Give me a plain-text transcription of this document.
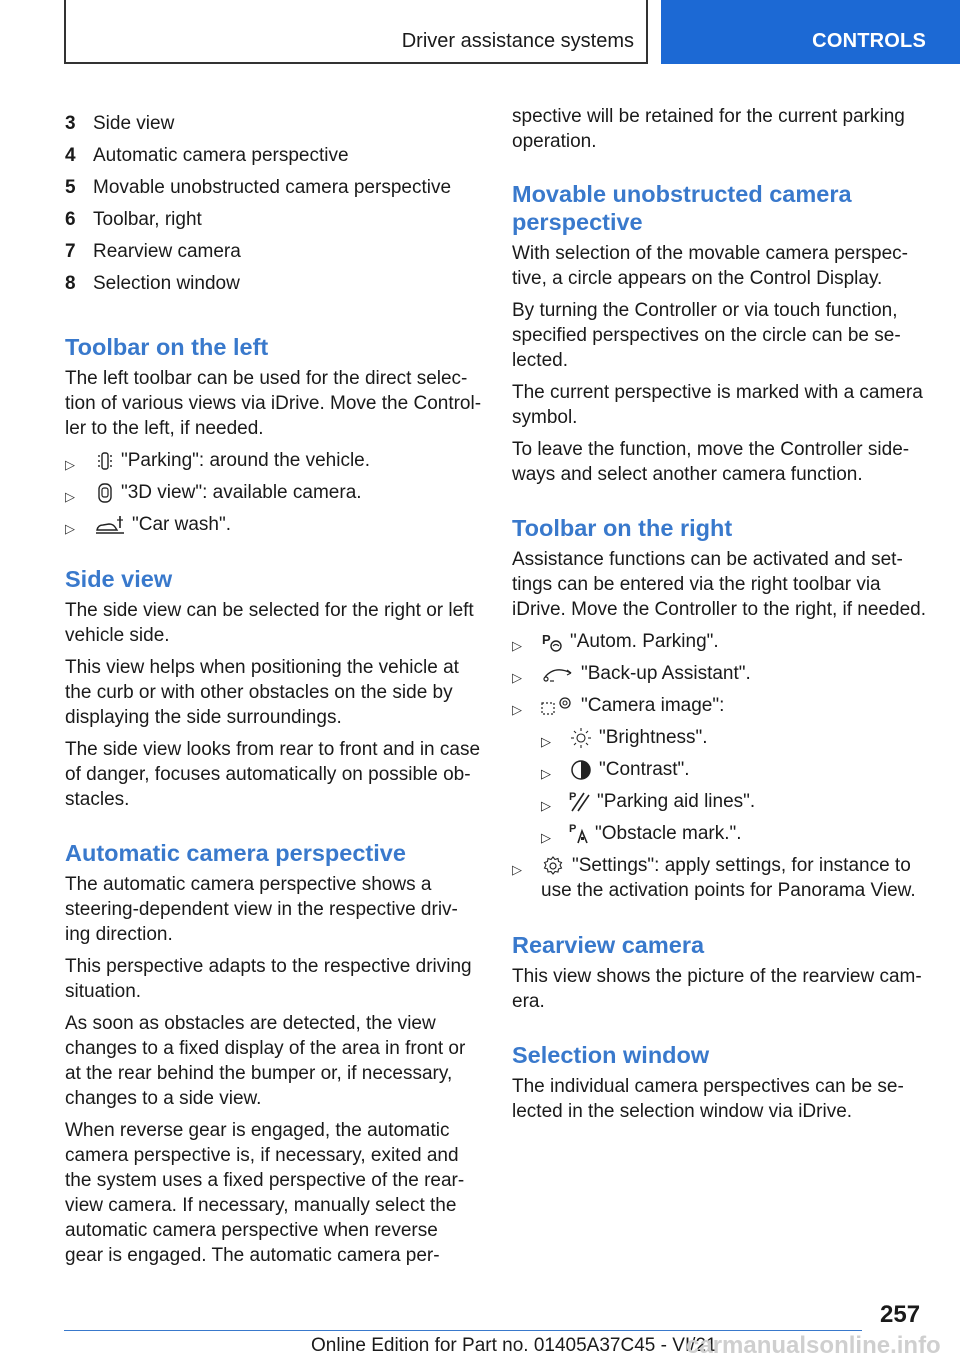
Driver assistance systems	CONTROLS
3 Side view
4 Automatic camera perspective
5 Movable unobstructed camera perspective
6 Toolbar, right
7 Rearview camera
8 Selection window
Toolbar on the left
The left toolbar can be used for the direct selec-
tion of various views via iDrive. Move the Control-
ler to the left, if needed.
▷ "Parking": around the vehicle.
▷ "3D view": available camera.
▷	"Car wash".
Side view
The side view can be selected for the right or left
vehicle side.
This view helps when positioning the vehicle at
the curb or with other obstacles on the side by
displaying the side surroundings.
The side view looks from rear to front and in case
of danger, focuses automatically on possible ob-
stacles.
Automatic camera perspective
The automatic camera perspective shows a
steering-dependent view in the respective driv-
ing direction.
This perspective adapts to the respective driving
situation.
As soon as obstacles are detected, the view
changes to a fixed display of the area in front or
at the rear behind the bumper or, if necessary,
changes to a side view.
When reverse gear is engaged, the automatic
camera perspective is, if necessary, exited and
the system uses a fixed perspective of the rear-
view camera. If necessary, manually select the
automatic camera perspective when reverse
gear is engaged. The automatic camera per-
spective will be retained for the current parking
operation.
Movable unobstructed camera
perspective
With selection of the movable camera perspec-
tive, a circle appears on the Control Display.
By turning the Controller or via touch function,
specified perspectives on the circle can be se-
lected.
The current perspective is marked with a camera
symbol.
To leave the function, move the Controller side-
ways and select another camera function.
Toolbar on the right
Assistance functions can be activated and set-
tings can be entered via the right toolbar via
iDrive. Move the Controller to the right, if needed.
▷ P "Autom. Parking".
▷	"Back-up Assistant".
▷	"Camera image":
▷	"Brightness".
▷	"Contrast".
▷
P "Parking aid lines".
▷
P "Obstacle mark.".
▷	"Settings": apply settings, for instance to
use the activation points for Panorama View.
Rearview camera
This view shows the picture of the rearview cam-
era.
Selection window
The individual camera perspectives can be se-
lected in the selection window via iDrive.
257
Online Edition for Part no. 01405A37C45 - VI/21
carmanualsonline.info
